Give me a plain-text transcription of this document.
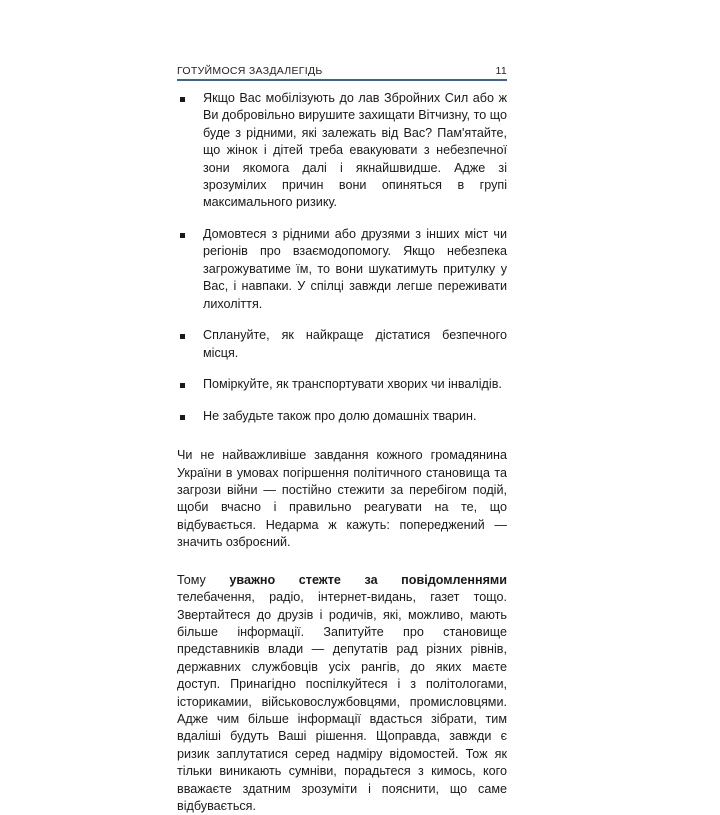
ГОТУЙМОСЯ ЗАЗДАЛЕГІДЬ	11
Якщо Вас мобілізують до лав Збройних Сил або ж Ви добровільно вирушите захищати Вітчизну, то що буде з рідними, які залежать від Вас? Пам'ятайте, що жінок і дітей треба евакуювати з небезпечної зони якомога далі і якнайшвидше. Адже зі зрозумілих причин вони опиняться в групі максимального ризику.
Домовтеся з рідними або друзями з інших міст чи регіонів про взаємодопомогу. Якщо небезпека загрожуватиме їм, то вони шукатимуть притулку у Вас, і навпаки. У спілці завжди легше переживати лихоліття.
Сплануйте, як найкраще дістатися безпечного місця.
Поміркуйте, як транспортувати хворих чи інвалідів.
Не забудьте також про долю домашніх тварин.

Чи не найважливіше завдання кожного громадянина України в умовах погіршення політичного становища та загрози війни — постійно стежити за перебігом подій, щоби вчасно і правильно реагувати на те, що відбувається. Недарма ж кажуть: попереджений — значить озброєний.

Тому уважно стежте за повідомленнями телебачення, радіо, інтернет-видань, газет тощо. Звертайтеся до друзів і родичів, які, можливо, мають більше інформації. Запитуйте про становище представників влади — депутатів рад різних рівнів, державних службовців усіх рангів, до яких маєте доступ. Принагідно поспілкуйтеся і з політологами, історикамии, військовослужбовцями, промисловцями. Адже чим більше інформації вдасться зібрати, тим вдаліші будуть Ваші рішення. Щоправда, завжди є ризик заплутатися серед надміру відомостей. Тож як тільки виникають сумніви, порадьтеся з кимось, кого вважаєте здатним зрозуміти і пояснити, що саме відбувається.
